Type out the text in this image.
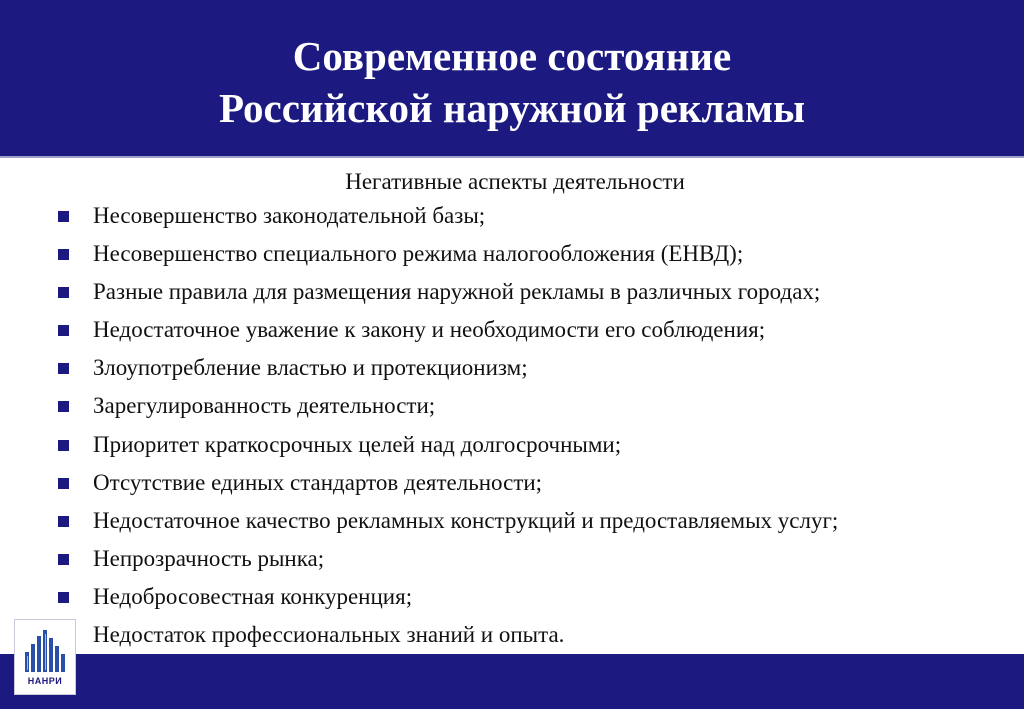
Современное состояние
Российской наружной рекламы
Негативные аспекты деятельности
Несовершенство законодательной базы;
Несовершенство специального режима налогообложения (ЕНВД);
Разные правила для размещения наружной рекламы в различных городах;
Недостаточное уважение к закону и необходимости его соблюдения;
Злоупотребление властью и протекционизм;
Зарегулированность деятельности;
Приоритет краткосрочных целей над долгосрочными;
Отсутствие единых стандартов деятельности;
Недостаточное качество рекламных конструкций и предоставляемых услуг;
Непрозрачность рынка;
Недобросовестная конкуренция;
Недостаток профессиональных знаний и опыта.
НАНРИ
